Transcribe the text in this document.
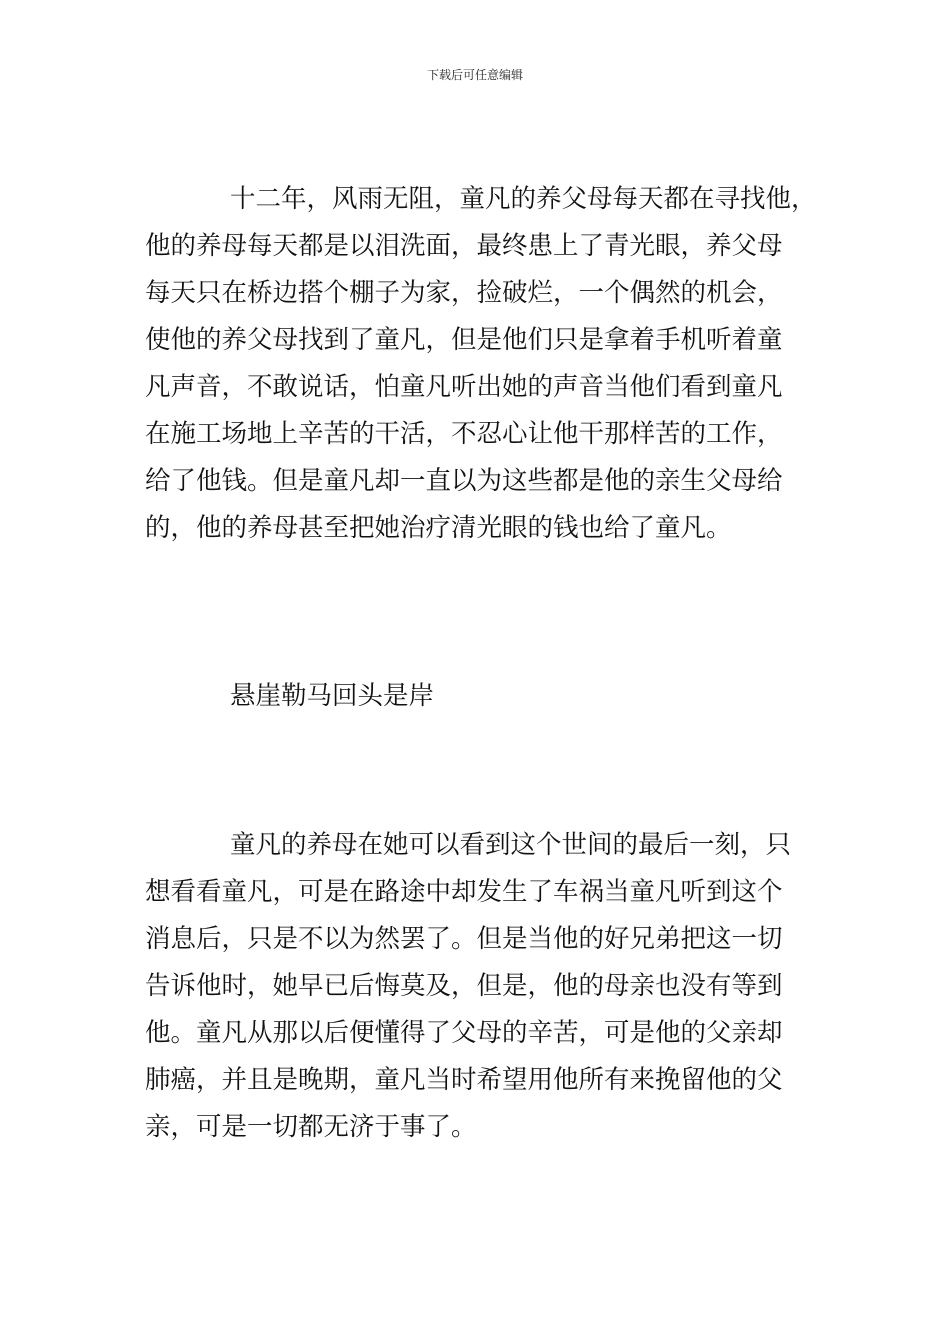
下载后可任意编辑
十二年，风雨无阻，童凡的养父母每天都在寻找他，
他的养母每天都是以泪洗面，最终患上了青光眼，养父母
每天只在桥边搭个棚子为家，捡破烂，一个偶然的机会，
使他的养父母找到了童凡，但是他们只是拿着手机听着童
凡声音，不敢说话，怕童凡听出她的声音当他们看到童凡
在施工场地上辛苦的干活，不忍心让他干那样苦的工作，
给了他钱。但是童凡却一直以为这些都是他的亲生父母给
的，他的养母甚至把她治疗清光眼的钱也给了童凡。
悬崖勒马回头是岸
童凡的养母在她可以看到这个世间的最后一刻，只
想看看童凡，可是在路途中却发生了车祸当童凡听到这个
消息后，只是不以为然罢了。但是当他的好兄弟把这一切
告诉他时，她早已后悔莫及，但是，他的母亲也没有等到
他。童凡从那以后便懂得了父母的辛苦，可是他的父亲却
肺癌，并且是晚期，童凡当时希望用他所有来挽留他的父
亲，可是一切都无济于事了。
